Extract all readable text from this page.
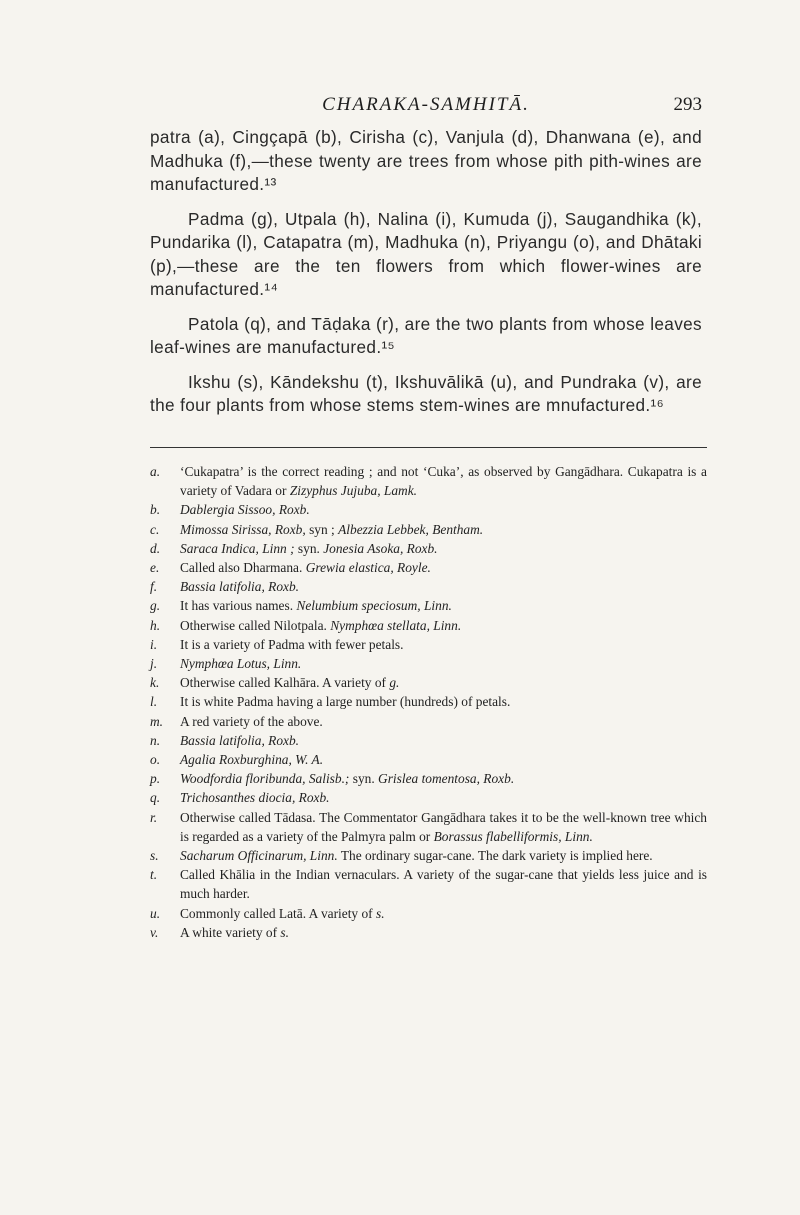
CHARAKA-SAMHITĀ.	293

patra (a), Cingçapā (b), Cirisha (c), Vanjula (d), Dhanwana (e), and Madhuka (f),—these twenty are trees from whose pith pith-wines are manufactured.¹³

Padma (g), Utpala (h), Nalina (i), Kumuda (j), Saugandhika (k), Pundarika (l), Catapatra (m), Madhuka (n), Priyangu (o), and Dhātaki (p),—these are the ten flowers from which flower-wines are manufactured.¹⁴

Patola (q), and Tāḍaka (r), are the two plants from whose leaves leaf-wines are manufactured.¹⁵

Ikshu (s), Kāndekshu (t), Ikshuvālikā (u), and Pundraka (v), are the four plants from whose stems stem-wines are mnufactured.¹⁶

a.	‘Cukapatra’ is the correct reading ; and not ‘Cuka’, as observed by Gangādhara. Cukapatra is a variety of Vadara or Zizyphus Jujuba, Lamk.
b.	Dablergia Sissoo, Roxb.
c.	Mimossa Sirissa, Roxb, syn ; Albezzia Lebbek, Bentham.
d.	Saraca Indica, Linn ; syn. Jonesia Asoka, Roxb.
e.	Called also Dharmana. Grewia elastica, Royle.
f.	Bassia latifolia, Roxb.
g.	It has various names. Nelumbium speciosum, Linn.
h.	Otherwise called Nilotpala. Nymphœa stellata, Linn.
i.	It is a variety of Padma with fewer petals.
j.	Nymphœa Lotus, Linn.
k.	Otherwise called Kalhāra. A variety of g.
l.	It is white Padma having a large number (hundreds) of petals.
m.	A red variety of the above.
n.	Bassia latifolia, Roxb.
o.	Agalia Roxburghina, W. A.
p.	Woodfordia floribunda, Salisb.; syn. Grislea tomentosa, Roxb.
q.	Trichosanthes diocia, Roxb.
r.	Otherwise called Tādasa. The Commentator Gangādhara takes it to be the well-known tree which is regarded as a variety of the Palmyra palm or Borassus flabelliformis, Linn.
s.	Sacharum Officinarum, Linn. The ordinary sugar-cane. The dark variety is implied here.
t.	Called Khālia in the Indian vernaculars. A variety of the sugar-cane that yields less juice and is much harder.
u.	Commonly called Latā. A variety of s.
v.	A white variety of s.
